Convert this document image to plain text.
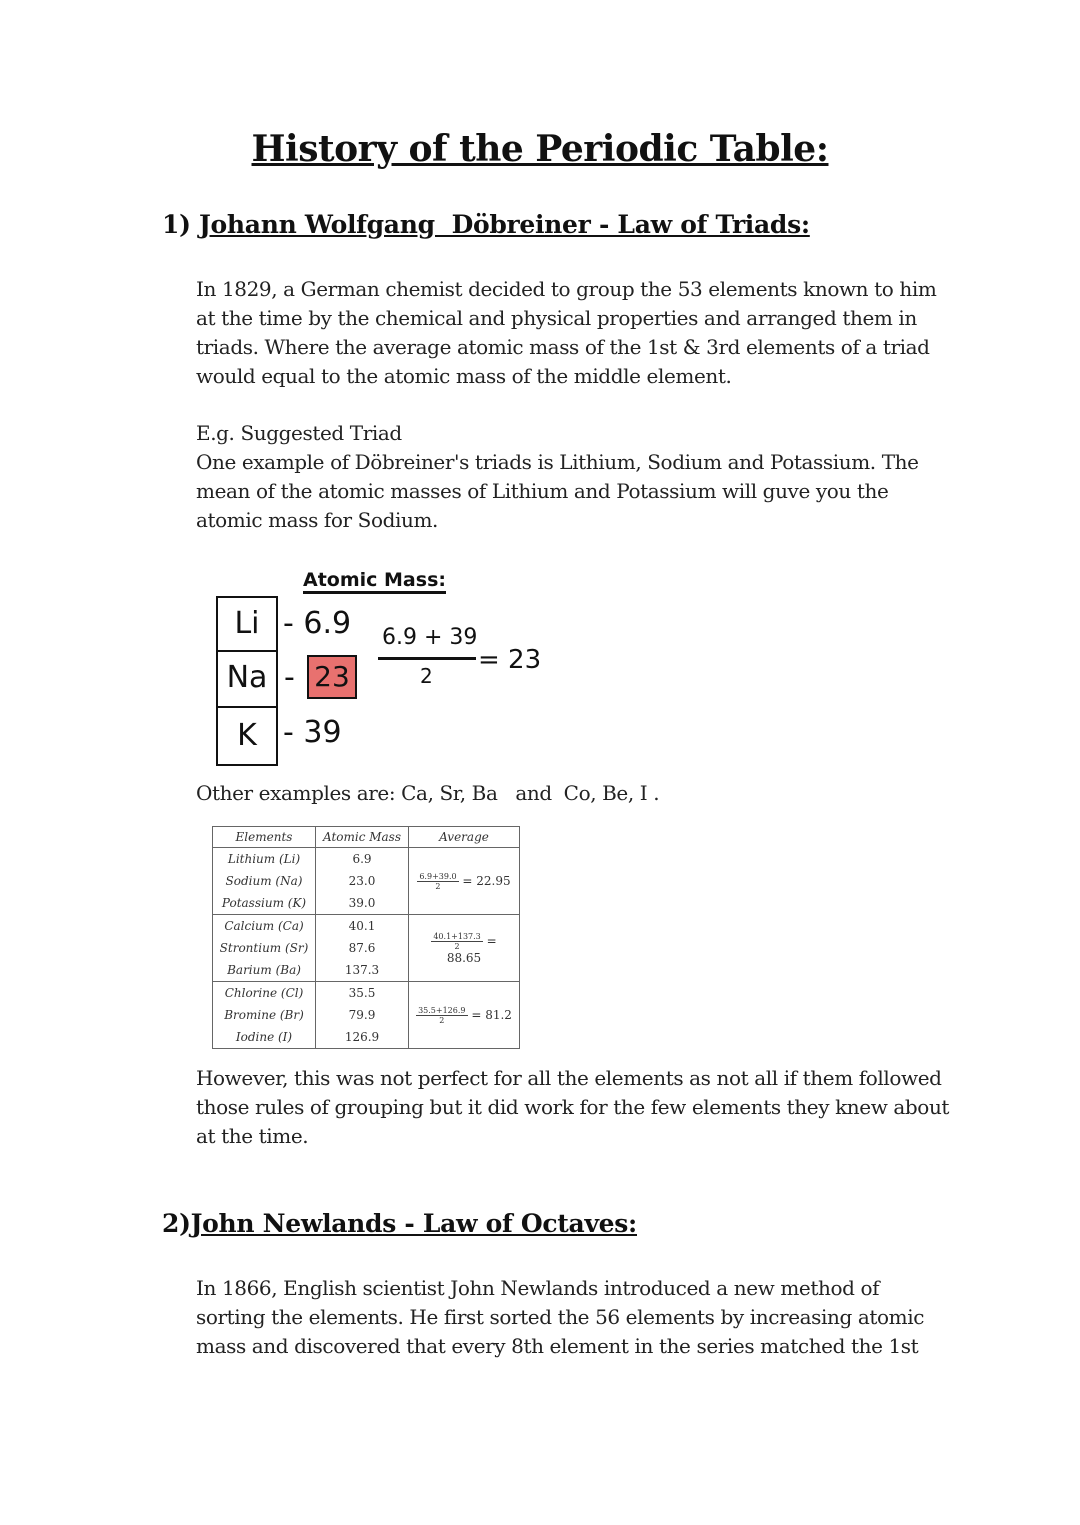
History of the Periodic Table:
1) Johann Wolfgang  Döbreiner - Law of Triads:
In 1829, a German chemist decided to group the 53 elements known to him
at the time by the chemical and physical properties and arranged them in
triads. Where the average atomic mass of the 1st & 3rd elements of a triad
would equal to the atomic mass of the middle element.
E.g. Suggested Triad
One example of Döbreiner's triads is Lithium, Sodium and Potassium. The
mean of the atomic masses of Lithium and Potassium will guve you the
atomic mass for Sodium.
Atomic Mass:
Li
Na
K
- 6.9
- 23
- 39
6.9 + 39
2
= 23
Other examples are: Ca, Sr, Ba   and  Co, Be, I .
Elements	Atomic Mass	Average
Lithium (Li)	6.9	$\frac{6.9+39.0}{2} = 22.95$
Sodium (Na)	23.0	
Potassium (K)	39.0	
Calcium (Ca)	40.1	$\frac{40.1+137.3}{2} = 88.65$
Strontium (Sr)	87.6	
Barium (Ba)	137.3	
Chlorine (Cl)	35.5	$\frac{35.5+126.9}{2} = 81.2$
Bromine (Br)	79.9	
Iodine (I)	126.9	
However, this was not perfect for all the elements as not all if them followed
those rules of grouping but it did work for the few elements they knew about
at the time.
2)John Newlands - Law of Octaves:
In 1866, English scientist John Newlands introduced a new method of
sorting the elements. He first sorted the 56 elements by increasing atomic
mass and discovered that every 8th element in the series matched the 1st
